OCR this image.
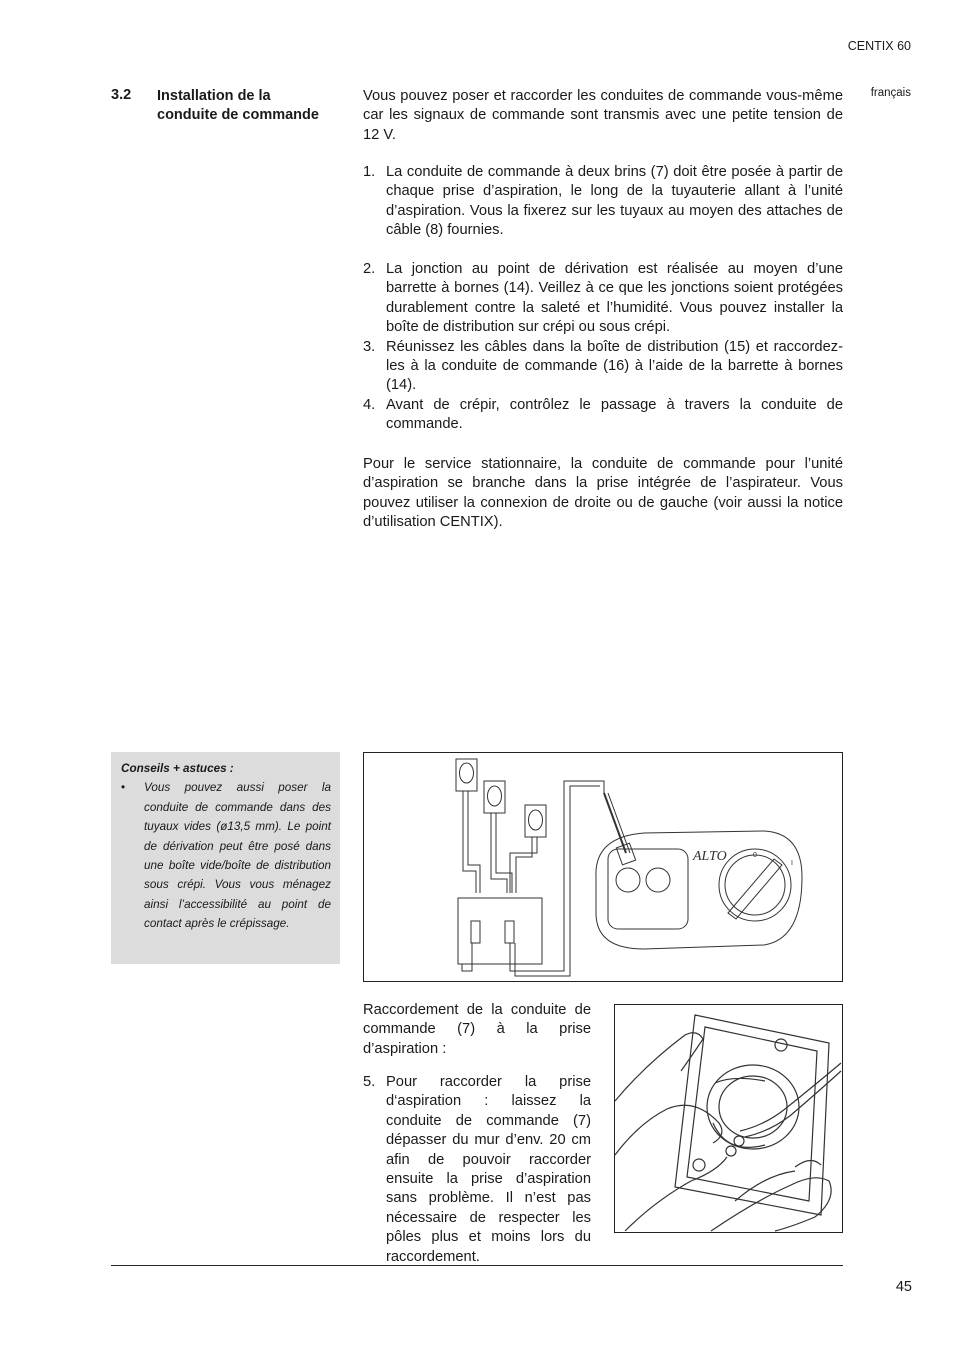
CENTIX 60
français
3.2 Installation de la
conduite de commande
Vous pouvez poser et raccorder les conduites de commande vous-même car les signaux de commande sont transmis avec une petite tension de 12 V.
1. La conduite de commande à deux brins (7) doit être posée à partir de chaque prise d’aspiration, le long de la tuyauterie allant à l’unité d’aspiration. Vous la fixerez sur les tuyaux au moyen des attaches de câble (8) fournies.
2. La jonction au point de dérivation est réalisée au moyen d’une barrette à bornes (14). Veillez à ce que les jonctions soient protégées durablement contre la saleté et l’humidité. Vous pouvez installer la boîte de distribution sur crépi ou sous crépi.
3. Réunissez les câbles dans la boîte de distribution (15) et raccordez-les à la conduite de commande (16) à l’aide de la barrette à bornes (14).
4. Avant de crépir, contrôlez le passage à travers la conduite de commande.
Pour le service stationnaire, la conduite de commande pour l’unité d’aspiration se branche dans la prise intégrée de l’aspirateur. Vous pouvez utiliser la connexion de droite ou de gauche (voir aussi la notice d’utilisation CENTIX).
Conseils + astuces :
• Vous pouvez aussi poser la conduite de commande dans des tuyaux vides (ø13,5 mm). Le point de dérivation peut être posé dans une boîte vide/boîte de distribution sous crépi. Vous vous ménagez ainsi l’accessibilité au point de contact après le crépissage.
ALTO	0
I
Raccordement de la conduite de commande (7) à la prise d’aspiration :
5. Pour raccorder la prise d‘aspiration : laissez la conduite de commande (7) dépasser du mur d’env. 20 cm afin de pouvoir raccorder ensuite la prise d’aspiration sans problème. Il n’est pas nécessaire de respecter les pôles plus et moins lors du raccordement.
45
